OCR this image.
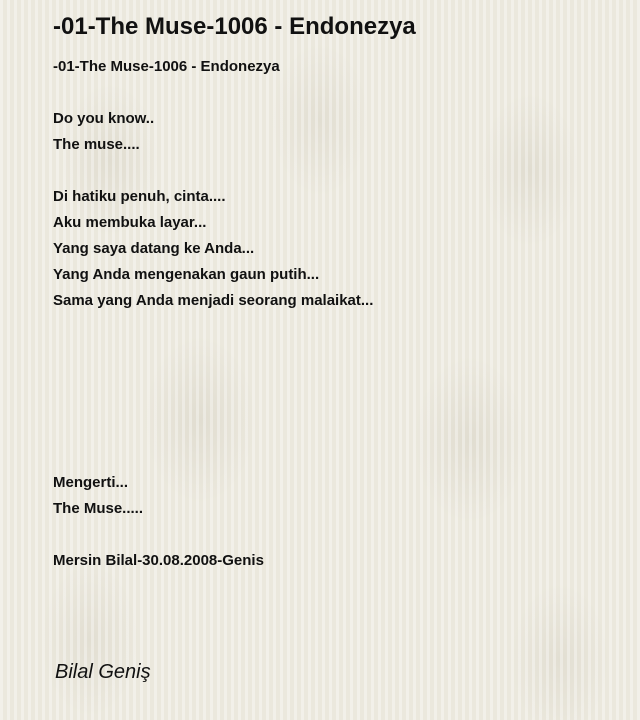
-01-The Muse-1006 - Endonezya
-01-The Muse-1006 - Endonezya
Do you know..
The muse....
Di hatiku penuh, cinta....
Aku membuka layar...
Yang saya datang ke Anda...
Yang Anda mengenakan gaun putih...
Sama yang Anda menjadi seorang malaikat...
Mengerti...
The Muse.....
Mersin Bilal-30.08.2008-Genis
Bilal Geniş
